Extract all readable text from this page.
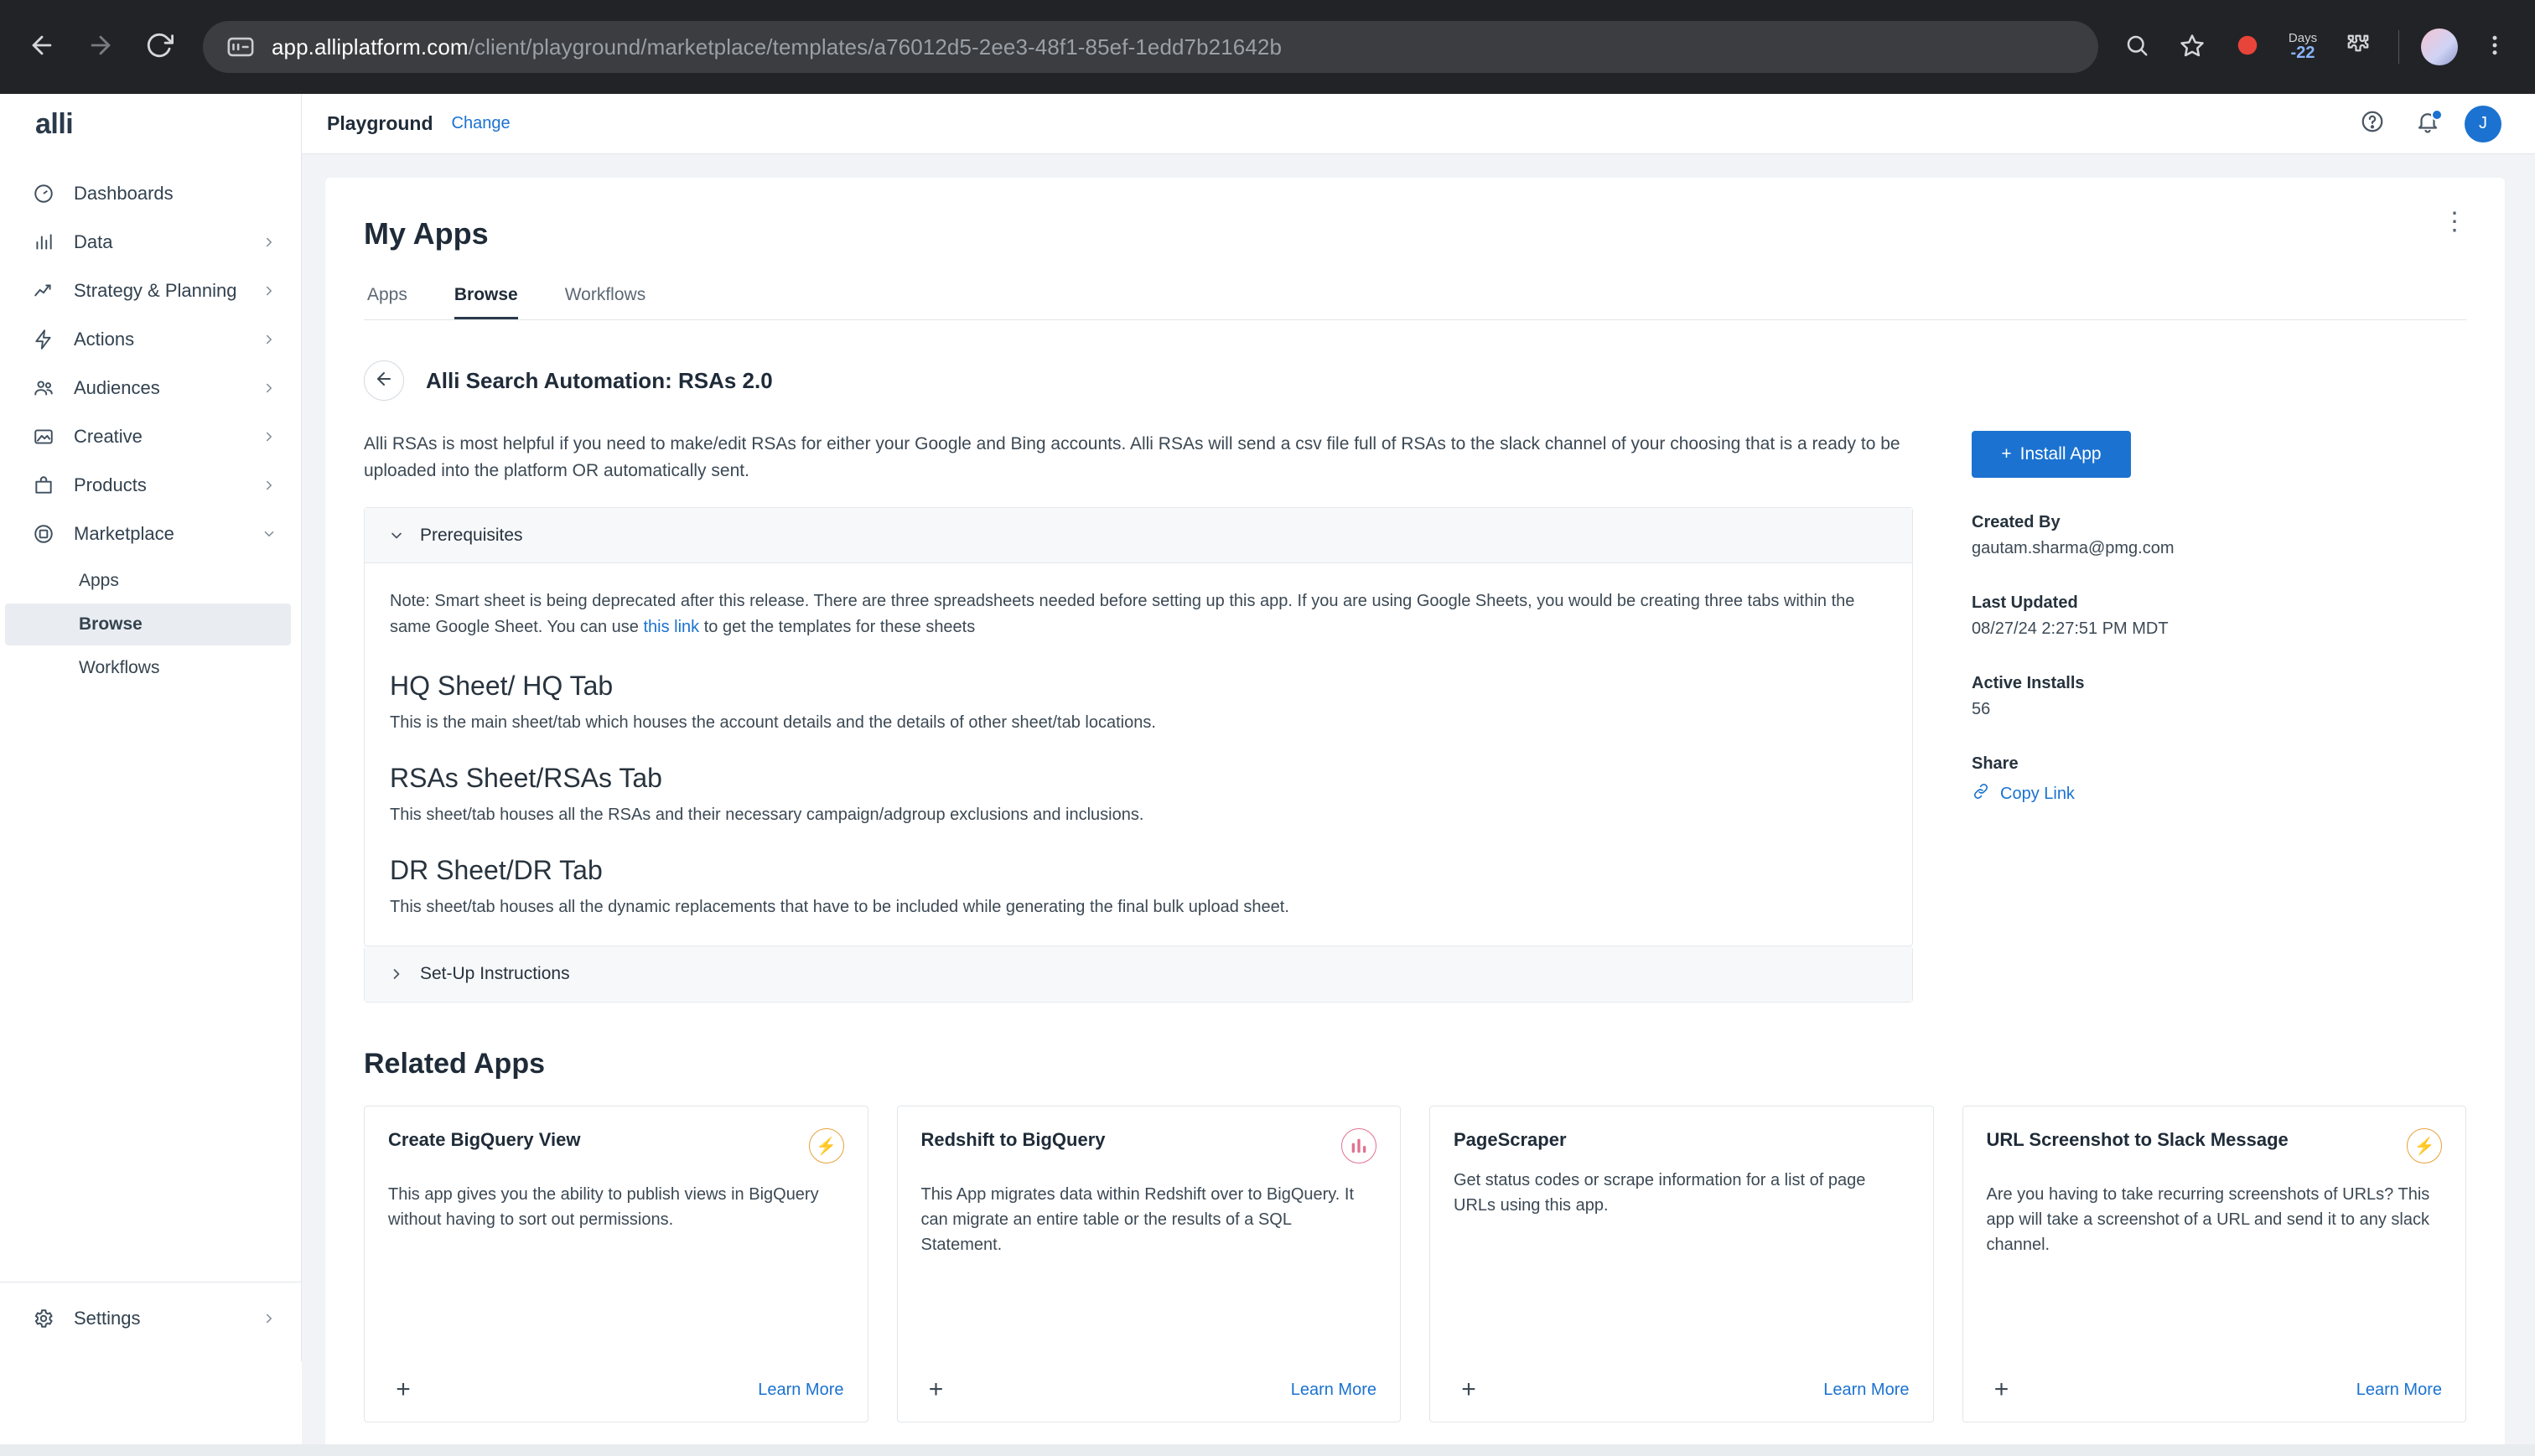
app.alliplatform.com/client/playground/marketplace/templates/a76012d5-2ee3-48f1-85ef-1edd7b21642b	Days
-22
alli
Dashboards
Data
Strategy & Planning
Actions
Audiences
Creative
Products
Marketplace
Apps
Browse
Workflows
Settings
Playground Change	J
My Apps	⋮
Apps	Browse	Workflows
Alli Search Automation: RSAs 2.0
Alli RSAs is most helpful if you need to make/edit RSAs for either your Google and Bing accounts. Alli RSAs will send a csv file full of RSAs to the slack channel of your choosing that is a ready to be uploaded into the platform OR automatically sent.
Prerequisites
Note: Smart sheet is being deprecated after this release. There are three spreadsheets needed before setting up this app. If you are using Google Sheets, you would be creating three tabs within the same Google Sheet. You can use this link to get the templates for these sheets
HQ Sheet/ HQ Tab
This is the main sheet/tab which houses the account details and the details of other sheet/tab locations.
RSAs Sheet/RSAs Tab
This sheet/tab houses all the RSAs and their necessary campaign/adgroup exclusions and inclusions.
DR Sheet/DR Tab
This sheet/tab houses all the dynamic replacements that have to be included while generating the final bulk upload sheet.
Set-Up Instructions
+ Install App
Created By
gautam.sharma@pmg.com
Last Updated
08/27/24 2:27:51 PM MDT
Active Installs
56
Share
Copy Link
Related Apps
Create BigQuery View	⚡
This app gives you the ability to publish views in BigQuery without having to sort out permissions.
+	Learn More
Redshift to BigQuery
This App migrates data within Redshift over to BigQuery. It can migrate an entire table or the results of a SQL Statement.
+	Learn More
PageScraper
Get status codes or scrape information for a list of page URLs using this app.
+	Learn More
URL Screenshot to Slack Message	⚡
Are you having to take recurring screenshots of URLs? This app will take a screenshot of a URL and send it to any slack channel.
+	Learn More
